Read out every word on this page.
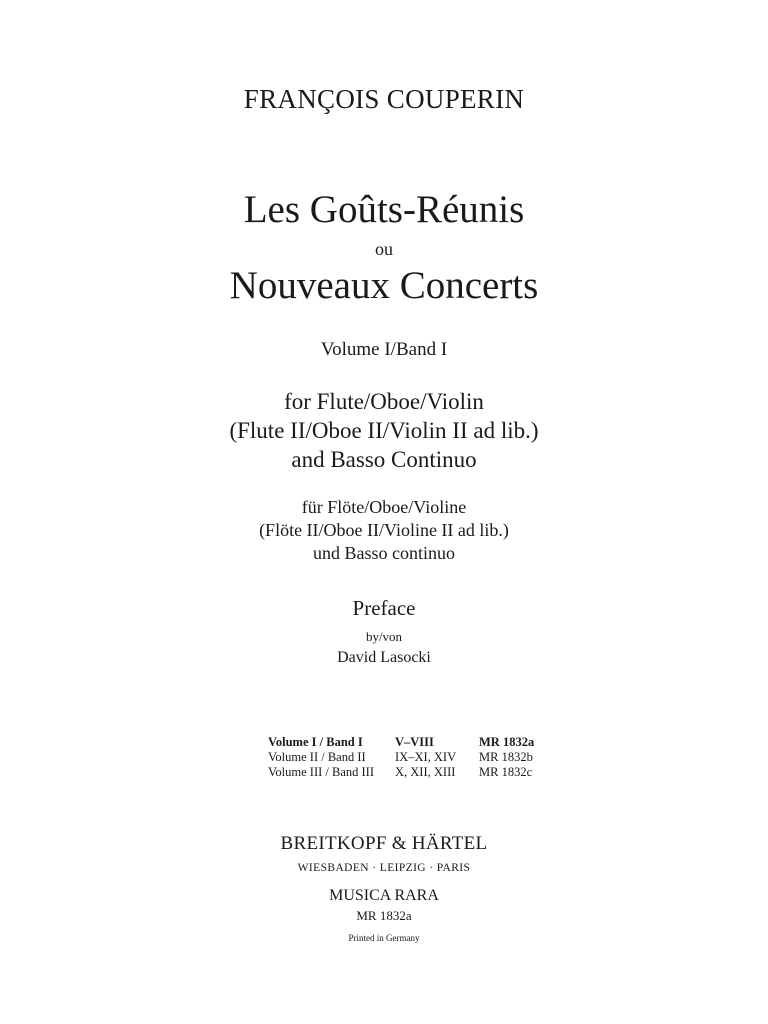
FRANÇOIS COUPERIN
Les Goûts-Réunis
ou
Nouveaux Concerts
Volume I/Band I
for Flute/Oboe/Violin
(Flute II/Oboe II/Violin II ad lib.)
and Basso Continuo
für Flöte/Oboe/Violine
(Flöte II/Oboe II/Violine II ad lib.)
und Basso continuo
Preface
by/von
David Lasocki
Volume I / Band I	V–VIII	MR 1832a
Volume II / Band II IX–XI, XIV MR 1832b
Volume III / Band III X, XII, XIII MR 1832c
BREITKOPF & HÄRTEL
WIESBADEN · LEIPZIG · PARIS
MUSICA RARA
MR 1832a
Printed in Germany
